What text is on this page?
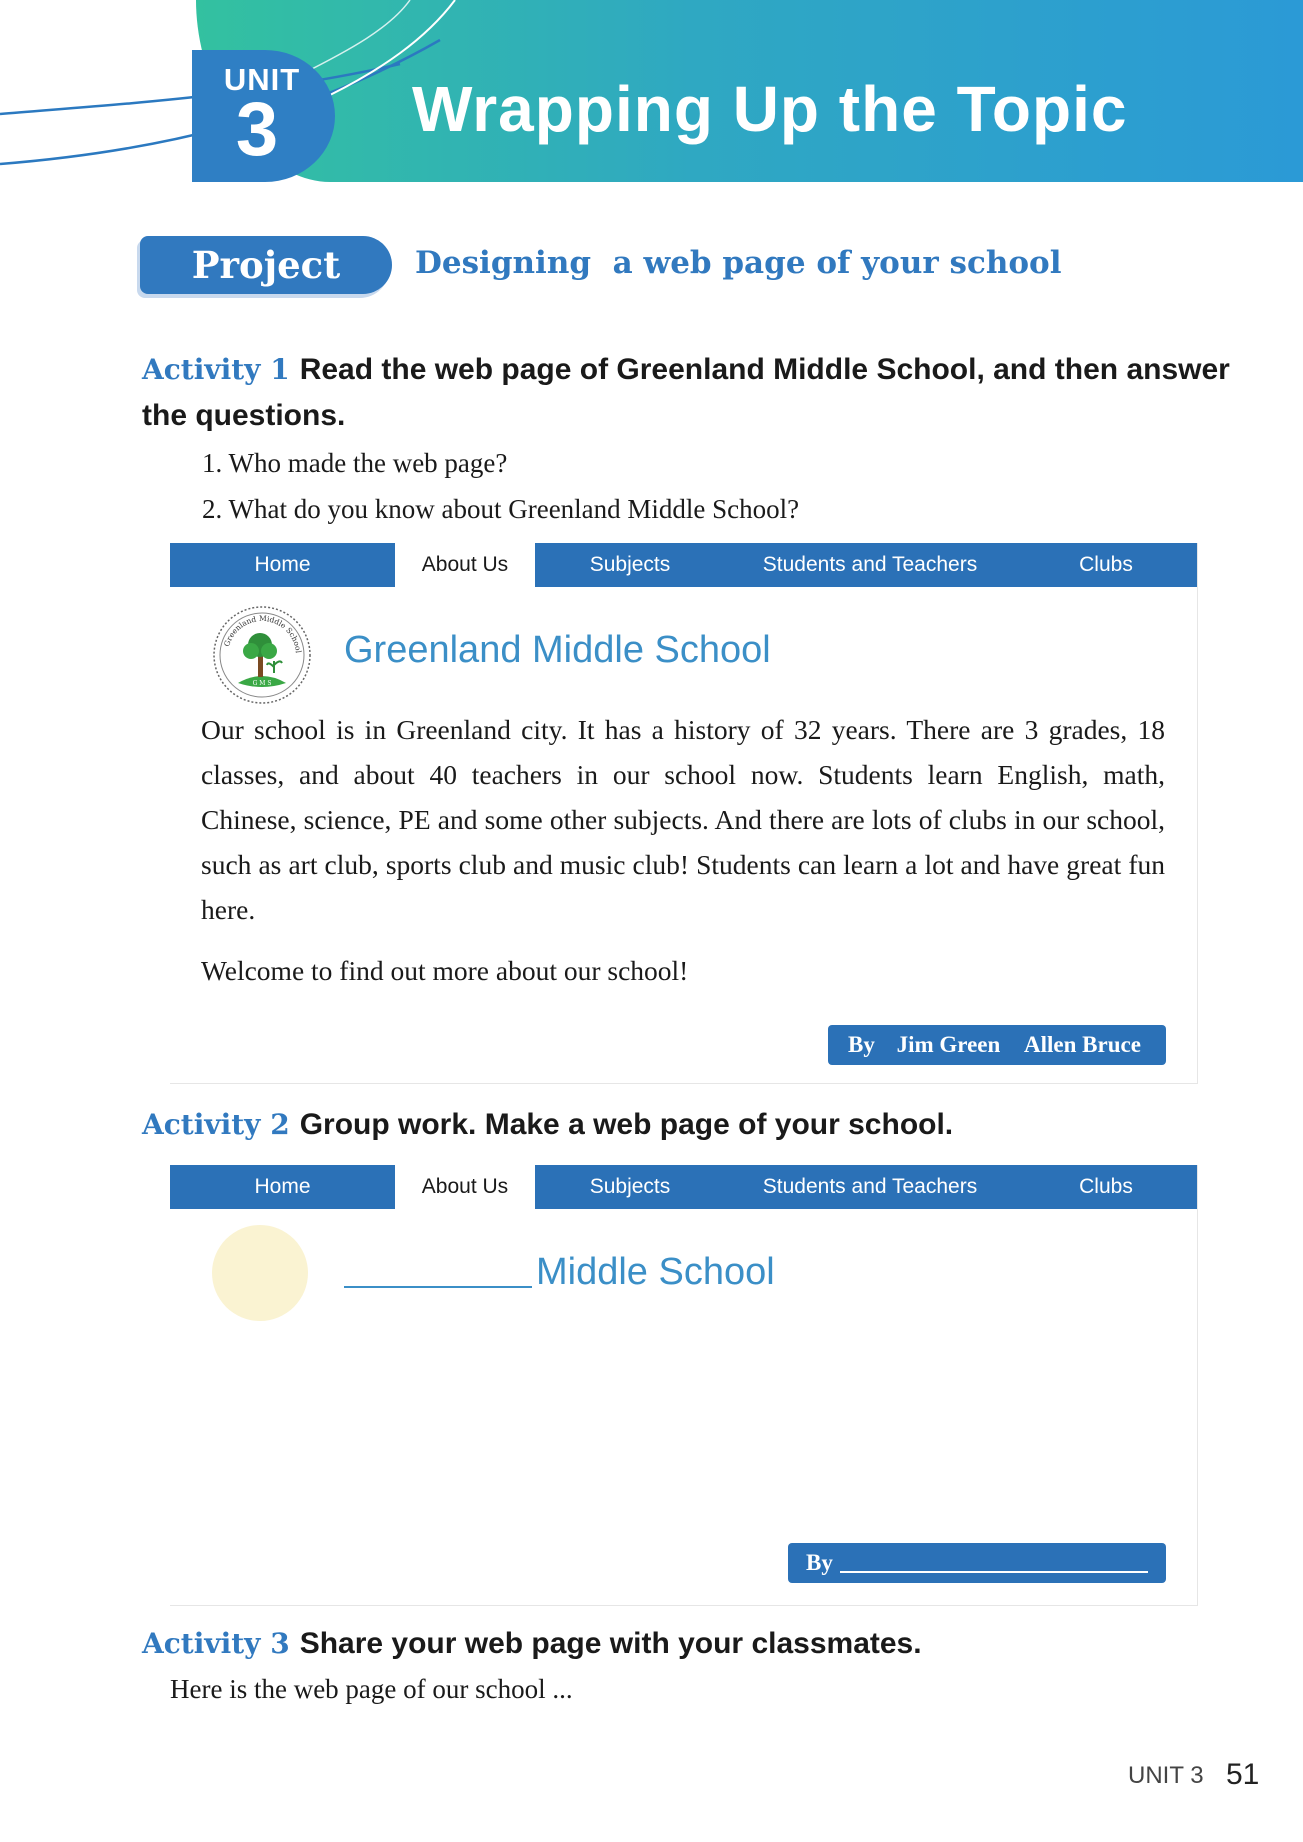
UNIT
3	Wrapping Up the Topic
Project	Designing  a web page of your school
Activity 1 Read the web page of Greenland Middle School, and then answer
the questions.
1. Who made the web page?
2. What do you know about Greenland Middle School?
Home	About Us	Subjects	Students and Teachers	Clubs
Greenland Middle School
G M S
Greenland Middle School
Our school is in Greenland city. It has a history of 32 years. There are 3 grades, 18 classes, and about 40 teachers in our school now. Students learn English, math, Chinese, science, PE and some other subjects. And there are lots of clubs in our school, such as art club, sports club and music club! Students can learn a lot and have great fun here.
Welcome to find out more about our school!
By Jim Green Allen Bruce
Activity 2 Group work. Make a web page of your school.
Home	About Us	Subjects	Students and Teachers	Clubs
Middle School
By
Activity 3 Share your web page with your classmates.
Here is the web page of our school ...
UNIT 3 51
